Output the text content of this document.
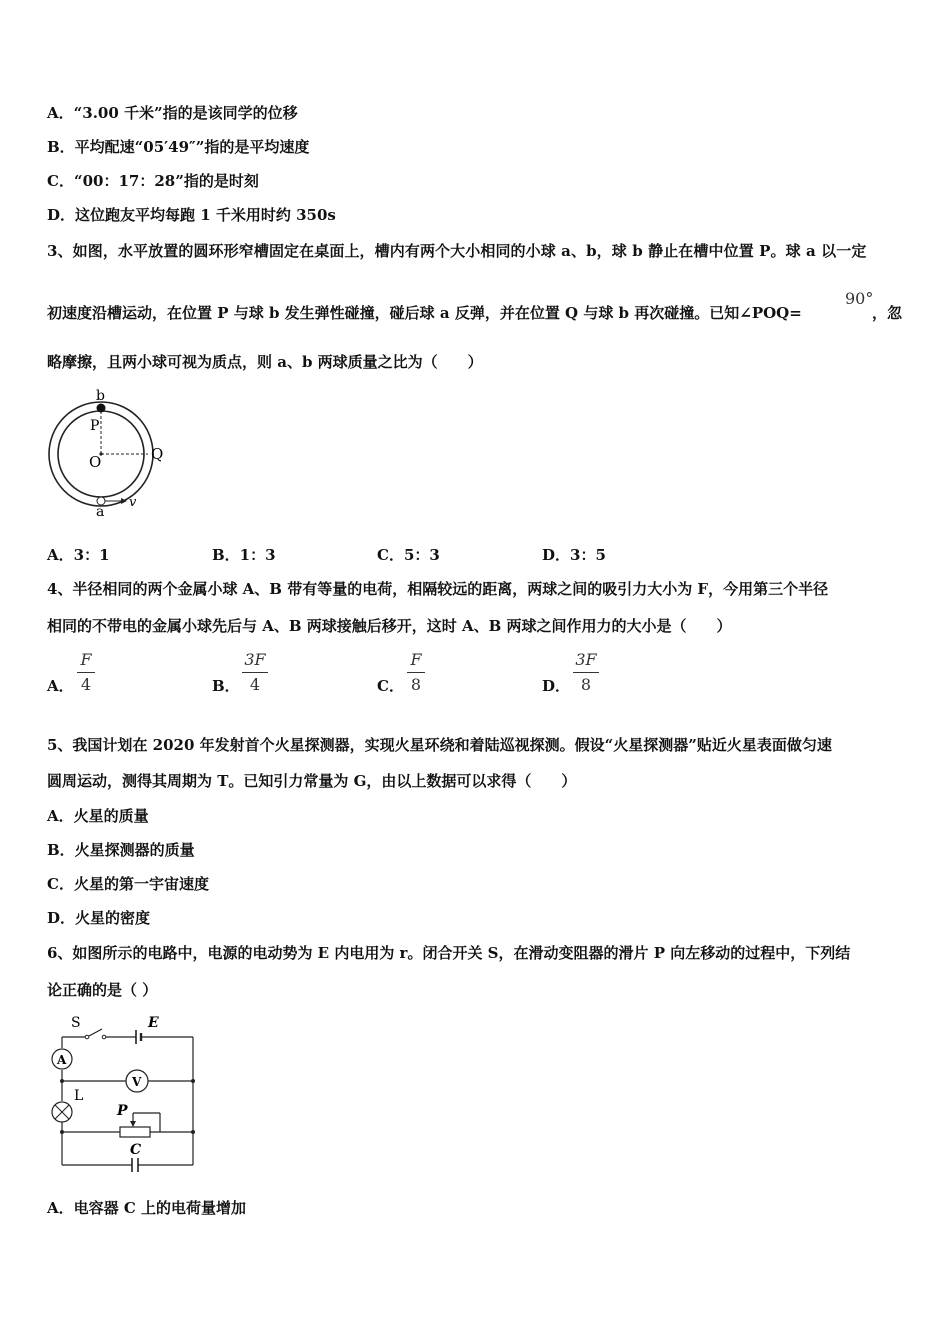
A．“3.00 千米”指的是该同学的位移
B．平均配速“05′49″”指的是平均速度
C．“00：17：28”指的是时刻
D．这位跑友平均每跑 1 千米用时约 350s
3、如图，水平放置的圆环形窄槽固定在桌面上，槽内有两个大小相同的小球 a、b，球 b 静止在槽中位置 P。球 a 以一定
初速度沿槽运动，在位置 P 与球 b 发生弹性碰撞，碰后球 a 反弹，并在位置 Q 与球 b 再次碰撞。已知∠POQ=
90°
，忽
略摩擦，且两小球可视为质点，则 a、b 两球质量之比为（　　）
b
P
O	Q
a
v
A．3：1	B．1：3	C．5：3	D．3：5
4、半径相同的两个金属小球 A、B 带有等量的电荷，相隔较远的距离，两球之间的吸引力大小为 F，今用第三个半径
相同的不带电的金属小球先后与 A、B 两球接触后移开，这时 A、B 两球之间作用力的大小是（　　）
A．
F
4	B．
3F
4	C．
F
8	D．
3F
8
5、我国计划在 2020 年发射首个火星探测器，实现火星环绕和着陆巡视探测。假设“火星探测器”贴近火星表面做匀速
圆周运动，测得其周期为 T。已知引力常量为 G，由以上数据可以求得（　　）
A．火星的质量
B．火星探测器的质量
C．火星的第一宇宙速度
D．火星的密度
6、如图所示的电路中，电源的电动势为 E 内电用为 r。闭合开关 S，在滑动变阻器的滑片 P 向左移动的过程中，下列结
论正确的是（ ）
S	E
A
V
L
P
C
A．电容器 C 上的电荷量增加
